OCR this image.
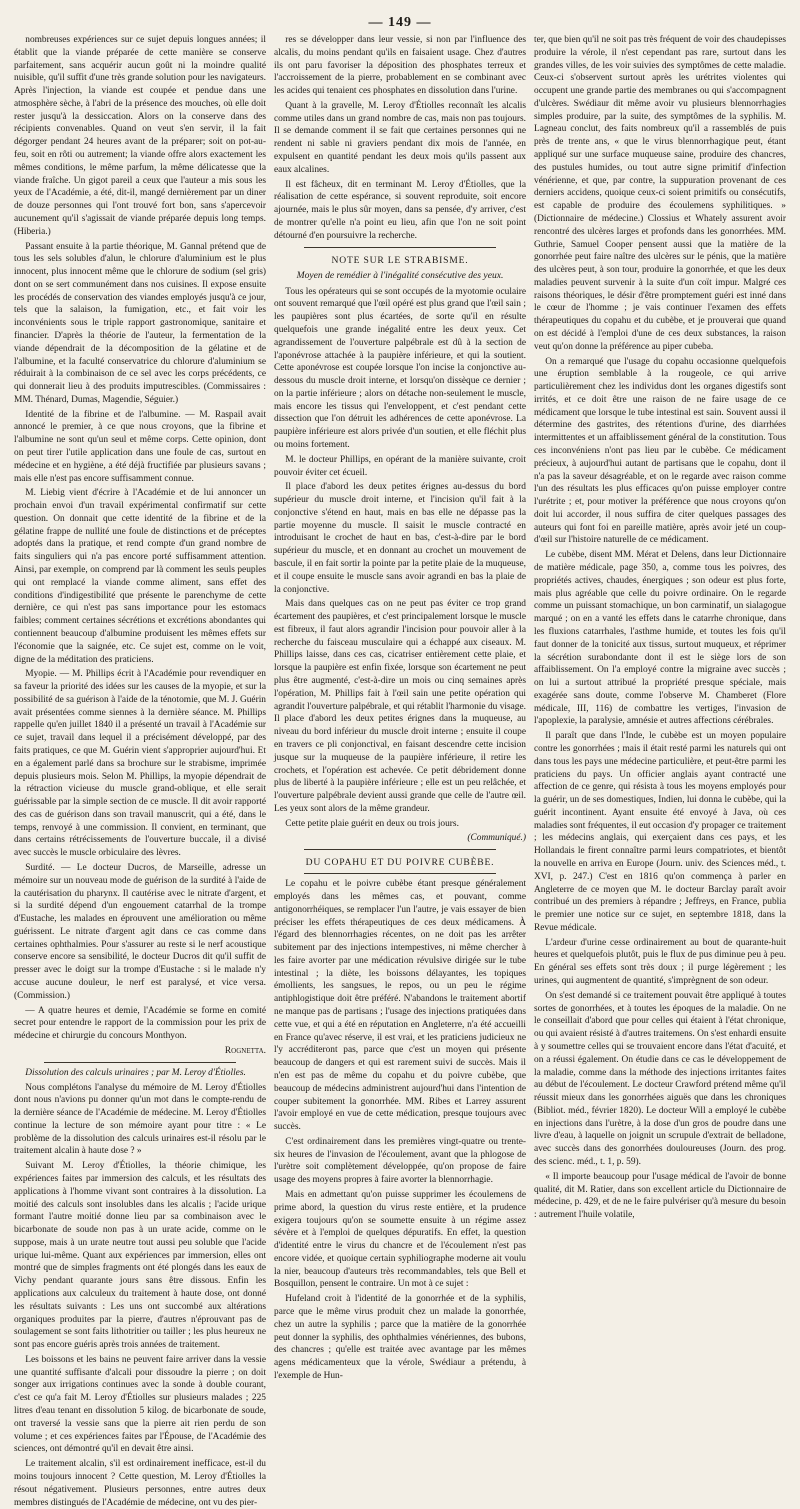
— 149 —

nombreuses expériences sur ce sujet depuis longues années; il établit que la viande préparée de cette manière se conserve parfaitement, sans acquérir aucun goût ni la moindre qualité nuisible, qu'il suffit d'une très grande solution pour les navigateurs. Après l'injection, la viande est coupée et pendue dans une atmosphère sèche, à l'abri de la présence des mouches, où elle doit rester jusqu'à la dessiccation. Alors on la conserve dans des récipients convenables. Quand on veut s'en servir, il la fait dégorger pendant 24 heures avant de la préparer; soit on pot-au-feu, soit en rôti ou autrement; la viande offre alors exactement les mêmes conditions, le même parfum, la même délicatesse que la viande fraîche. Un gigot pareil a ceux que l'auteur a mis sous les yeux de l'Académie, a été, dit-il, mangé dernièrement par un diner de douze personnes qui l'ont trouvé fort bon, sans s'apercevoir aucunement qu'il s'agissait de viande préparée depuis long temps. (Hiberia.)

Passant ensuite à la partie théorique, M. Gannal prétend que de tous les sels solubles d'alun, le chlorure d'aluminium est le plus innocent, plus innocent même que le chlorure de sodium (sel gris) dont on se sert communément dans nos cuisines. Il expose ensuite les procédés de conservation des viandes employés jusqu'à ce jour, tels que la salaison, la fumigation, etc., et fait voir les inconvénients sous le triple rapport gastronomique, sanitaire et financier. D'après la théorie de l'auteur, la fermentation de la viande dépendrait de la décomposition de la gélatine et de l'albumine, et la faculté conservatrice du chlorure d'aluminium se réduirait à la combinaison de ce sel avec les corps précédents, ce qui donnerait lieu à des produits imputrescibles. (Commissaires : MM. Thénard, Dumas, Magendie, Séguier.)

Identité de la fibrine et de l'albumine. — M. Raspail avait annoncé le premier, à ce que nous croyons, que la fibrine et l'albumine ne sont qu'un seul et même corps. Cette opinion, dont on peut tirer l'utile application dans une foule de cas, surtout en médecine et en hygiène, a été déjà fructifiée par plusieurs savans ; mais elle n'est pas encore suffisamment connue.

M. Liebig vient d'écrire à l'Académie et de lui annoncer un prochain envoi d'un travail expérimental confirmatif sur cette question. On donnait que cette identité de la fibrine et de la gélatine frappe de nullité une foule de distinctions et de préceptes adoptés dans la pratique, et rend compte d'un grand nombre de faits singuliers qui n'a pas encore porté suffisamment attention. Ainsi, par exemple, on comprend par là comment les seuls peuples qui ont remplacé la viande comme aliment, sans effet des conditions d'indigestibilité que présente le parenchyme de cette dernière, ce qui n'est pas sans importance pour les estomacs faibles; comment certaines sécrétions et excrétions abondantes qui contiennent beaucoup d'albumine produisent les mêmes effets sur l'économie que la saignée, etc. Ce sujet est, comme on le voit, digne de la méditation des praticiens.

Myopie. — M. Phillips écrit à l'Académie pour revendiquer en sa faveur la priorité des idées sur les causes de la myopie, et sur la possibilité de sa guérison à l'aide de la ténotomie, que M. J. Guérin avait présentées comme siennes à la dernière séance. M. Phillips rappelle qu'en juillet 1840 il a présenté un travail à l'Académie sur ce sujet, travail dans lequel il a précisément développé, par des faits pratiques, ce que M. Guérin vient s'approprier aujourd'hui. Et en a également parlé dans sa brochure sur le strabisme, imprimée depuis plusieurs mois. Selon M. Phillips, la myopie dépendrait de la rétraction vicieuse du muscle grand-oblique, et elle serait guérissable par la simple section de ce muscle. Il dit avoir rapporté des cas de guérison dans son travail manuscrit, qui a été, dans le temps, renvoyé à une commission. Il convient, en terminant, que dans certains rétrécissements de l'ouverture buccale, il a divisé avec succès le muscle orbiculaire des lèvres.

Surdité. — Le docteur Ducros, de Marseille, adresse un mémoire sur un nouveau mode de guérison de la surdité à l'aide de la cautérisation du pharynx. Il cautérise avec le nitrate d'argent, et si la surdité dépend d'un engouement catarrhal de la trompe d'Eustache, les malades en éprouvent une amélioration ou même guérissent. Le nitrate d'argent agit dans ce cas comme dans certaines ophthalmies. Pour s'assurer au reste si le nerf acoustique conserve encore sa sensibilité, le docteur Ducros dit qu'il suffit de presser avec le doigt sur la trompe d'Eustache : si le malade n'y accuse aucune douleur, le nerf est paralysé, et vice versa. (Commission.)

— A quatre heures et demie, l'Académie se forme en comité secret pour entendre le rapport de la commission pour les prix de médecine et chirurgie du concours Monthyon.

Rognetta.

Dissolution des calculs urinaires ; par M. Leroy d'Étiolles.

Nous complétons l'analyse du mémoire de M. Leroy d'Étiolles dont nous n'avions pu donner qu'un mot dans le compte-rendu de la dernière séance de l'Académie de médecine. M. Leroy d'Étiolles continue la lecture de son mémoire ayant pour titre : « Le problème de la dissolution des calculs urinaires est-il résolu par le traitement alcalin à haute dose ? »

Suivant M. Leroy d'Étiolles, la théorie chimique, les expériences faites par immersion des calculs, et les résultats des applications à l'homme vivant sont contraires à la dissolution. La moitié des calculs sont insolubles dans les alcalis ; l'acide urique formant l'autre moitié donne lieu par sa combinaison avec le bicarbonate de soude non pas à un urate acide, comme on le suppose, mais à un urate neutre tout aussi peu soluble que l'acide urique lui-même. Quant aux expériences par immersion, elles ont montré que de simples fragments ont été plongés dans les eaux de Vichy pendant quarante jours sans être dissous. Enfin les applications aux calculeux du traitement à haute dose, ont donné les résultats suivants : Les uns ont succombé aux altérations organiques produites par la pierre, d'autres n'éprouvant pas de soulagement se sont faits lithotritier ou tailler ; les plus heureux ne sont pas encore guéris après trois années de traitement.

Les boissons et les bains ne peuvent faire arriver dans la vessie une quantité suffisante d'alcali pour dissoudre la pierre ; on doit songer aux irrigations continues avec la sonde à double courant, c'est ce qu'a fait M. Leroy d'Étiolles sur plusieurs malades ; 225 litres d'eau tenant en dissolution 5 kilog. de bicarbonate de soude, ont traversé la vessie sans que la pierre ait rien perdu de son volume ; et ces expériences faites par l'Épouse, de l'Académie des sciences, ont démontré qu'il en devait être ainsi.

Le traitement alcalin, s'il est ordinairement inefficace, est-il du moins toujours innocent ? Cette question, M. Leroy d'Étiolles la résout négativement. Plusieurs personnes, entre autres deux membres distingués de l'Académie de médecine, ont vu des pier-

res se développer dans leur vessie, si non par l'influence des alcalis, du moins pendant qu'ils en faisaient usage. Chez d'autres ils ont paru favoriser la déposition des phosphates terreux et l'accroissement de la pierre, probablement en se combinant avec les acides qui tenaient ces phosphates en dissolution dans l'urine.

Quant à la gravelle, M. Leroy d'Étiolles reconnaît les alcalis comme utiles dans un grand nombre de cas, mais non pas toujours. Il se demande comment il se fait que certaines personnes qui ne rendent ni sable ni graviers pendant dix mois de l'année, en expulsent en quantité pendant les deux mois qu'ils passent aux eaux alcalines.

Il est fâcheux, dit en terminant M. Leroy d'Étiolles, que la réalisation de cette espérance, si souvent reproduite, soit encore ajournée, mais le plus sûr moyen, dans sa pensée, d'y arriver, c'est de montrer qu'elle n'a point eu lieu, afin que l'on ne soit point détourné d'en poursuivre la recherche.

NOTE SUR LE STRABISME.
Moyen de remédier à l'inégalité consécutive des yeux.

Tous les opérateurs qui se sont occupés de la myotomie oculaire ont souvent remarqué que l'œil opéré est plus grand que l'œil sain ; les paupières sont plus écartées, de sorte qu'il en résulte quelquefois une grande inégalité entre les deux yeux. Cet agrandissement de l'ouverture palpébrale est dû à la section de l'aponévrose attachée à la paupière inférieure, et qui la soutient. Cette aponévrose est coupée lorsque l'on incise la conjonctive au-dessous du muscle droit interne, et lorsqu'on dissèque ce dernier ; on la partie inférieure ; alors on détache non-seulement le muscle, mais encore les tissus qui l'enveloppent, et c'est pendant cette dissection que l'on détruit les adhérences de cette aponévrose. La paupière inférieure est alors privée d'un soutien, et elle fléchit plus ou moins fortement.

M. le docteur Phillips, en opérant de la manière suivante, croit pouvoir éviter cet écueil.

Il place d'abord les deux petites érignes au-dessus du bord supérieur du muscle droit interne, et l'incision qu'il fait à la conjonctive s'étend en haut, mais en bas elle ne dépasse pas la partie moyenne du muscle. Il saisit le muscle contracté en introduisant le crochet de haut en bas, c'est-à-dire par le bord supérieur du muscle, et en donnant au crochet un mouvement de bascule, il en fait sortir la pointe par la petite plaie de la muqueuse, et il coupe ensuite le muscle sans avoir agrandi en bas la plaie de la conjonctive.

Mais dans quelques cas on ne peut pas éviter ce trop grand écartement des paupières, et c'est principalement lorsque le muscle est fibreux, il faut alors agrandir l'incision pour pouvoir aller à la recherche du faisceau musculaire qui a échappé aux ciseaux. M. Phillips laisse, dans ces cas, cicatriser entièrement cette plaie, et lorsque la paupière est enfin fixée, lorsque son écartement ne peut plus être augmenté, c'est-à-dire un mois ou cinq semaines après l'opération, M. Phillips fait à l'œil sain une petite opération qui agrandit l'ouverture palpébrale, et qui rétablit l'harmonie du visage. Il place d'abord les deux petites érignes dans la muqueuse, au niveau du bord inférieur du muscle droit interne ; ensuite il coupe en travers ce pli conjonctival, en faisant descendre cette incision jusque sur la muqueuse de la paupière inférieure, il retire les crochets, et l'opération est achevée. Ce petit débridement donne plus de liberté à la paupière inférieure ; elle est un peu relâchée, et l'ouverture palpébrale devient aussi grande que celle de l'autre œil. Les yeux sont alors de la même grandeur.

Cette petite plaie guérit en deux ou trois jours.

(Communiqué.)
DU COPAHU ET DU POIVRE CUBÈBE.

Le copahu et le poivre cubèbe étant presque généralement employés dans les mêmes cas, et pouvant, comme antigonorrhéiques, se remplacer l'un l'autre, je vais essayer de bien préciser les effets thérapeutiques de ces deux médicamens. À l'égard des blennorrhagies récentes, on ne doit pas les arrêter subitement par des injections intempestives, ni même chercher à les faire avorter par une médication révulsive dirigée sur le tube intestinal ; la diète, les boissons délayantes, les topiques émollients, les sangsues, le repos, ou un peu le régime antiphlogistique doit être préféré. N'abandons le traitement abortif ne manque pas de partisans ; l'usage des injections pratiquées dans cette vue, et qui a été en réputation en Angleterre, n'a été accueilli en France qu'avec réserve, il est vrai, et les praticiens judicieux ne l'y accréditeront pas, parce que c'est un moyen qui présente beaucoup de dangers et qui est rarement suivi de succès. Mais il n'en est pas de même du copahu et du poivre cubèbe, que beaucoup de médecins administrent aujourd'hui dans l'intention de couper subitement la gonorrhée. MM. Ribes et Larrey assurent l'avoir employé en vue de cette médication, presque toujours avec succès.

C'est ordinairement dans les premières vingt-quatre ou trente-six heures de l'invasion de l'écoulement, avant que la phlogose de l'urètre soit complètement développée, qu'on propose de faire usage des moyens propres à faire avorter la blennorrhagie.

Mais en admettant qu'on puisse supprimer les écoulemens de prime abord, la question du virus reste entière, et la prudence exigera toujours qu'on se soumette ensuite à un régime assez sévère et à l'emploi de quelques dépuratifs. En effet, la question d'identité entre le virus du chancre et de l'écoulement n'est pas encore vidée, et quoique certain syphiliographe moderne ait voulu la nier, beaucoup d'auteurs très recommandables, tels que Bell et Bosquillon, pensent le contraire. Un mot à ce sujet :

Hufeland croit à l'identité de la gonorrhée et de la syphilis, parce que le même virus produit chez un malade la gonorrhée, chez un autre la syphilis ; parce que la matière de la gonorrhée peut donner la syphilis, des ophthalmies vénériennes, des bubons, des chancres ; qu'elle est traitée avec avantage par les mêmes agens médicamenteux que la vérole, Swédiaur a prétendu, à l'exemple de Hun-

ter, que bien qu'il ne soit pas très fréquent de voir des chaudepisses produire la vérole, il n'est cependant pas rare, surtout dans les grandes villes, de les voir suivies des symptômes de cette maladie. Ceux-ci s'observent surtout après les urétrites violentes qui occupent une grande partie des membranes ou qui s'accompagnent d'ulcères. Swédiaur dit même avoir vu plusieurs blennorrhagies simples produire, par la suite, des symptômes de la syphilis. M. Lagneau conclut, des faits nombreux qu'il a rassemblés de puis près de trente ans, « que le virus blennorrhagique peut, étant appliqué sur une surface muqueuse saine, produire des chancres, des pustules humides, ou tout autre signe primitif d'infection vénérienne, et que, par contre, la suppuration provenant de ces derniers accidens, quoique ceux-ci soient primitifs ou consécutifs, est capable de produire des écoulemens syphilitiques. » (Dictionnaire de médecine.) Clossius et Whately assurent avoir rencontré des ulcères larges et profonds dans les gonorrhées. MM. Guthrie, Samuel Cooper pensent aussi que la matière de la gonorrhée peut faire naître des ulcères sur le pénis, que la matière des ulcères peut, à son tour, produire la gonorrhée, et que les deux maladies peuvent survenir à la suite d'un coït impur. Malgré ces raisons théoriques, le désir d'être promptement guéri est inné dans le cœur de l'homme ; je vais continuer l'examen des effets thérapeutiques du copahu et du cubèbe, et je prouverai que quand on est décidé à l'emploi d'une de ces deux substances, la raison veut qu'on donne la préférence au piper cubeba.

On a remarqué que l'usage du copahu occasionne quelquefois une éruption semblable à la rougeole, ce qui arrive particulièrement chez les individus dont les organes digestifs sont irrités, et ce doit être une raison de ne faire usage de ce médicament que lorsque le tube intestinal est sain. Souvent aussi il détermine des gastrites, des rétentions d'urine, des diarrhées intermittentes et un affaiblissement général de la constitution. Tous ces inconvéniens n'ont pas lieu par le cubèbe. Ce médicament précieux, à aujourd'hui autant de partisans que le copahu, dont il n'a pas la saveur désagréable, et on le regarde avec raison comme l'un des résultats les plus efficaces qu'on puisse employer contre l'urétrite ; et, pour motiver la préférence que nous croyons qu'on doit lui accorder, il nous suffira de citer quelques passages des auteurs qui font foi en pareille matière, après avoir jeté un coup-d'œil sur l'histoire naturelle de ce médicament.

Le cubèbe, disent MM. Mérat et Delens, dans leur Dictionnaire de matière médicale, page 350, a, comme tous les poivres, des propriétés actives, chaudes, énergiques ; son odeur est plus forte, mais plus agréable que celle du poivre ordinaire. On le regarde comme un puissant stomachique, un bon carminatif, un sialagogue marqué ; on en a vanté les effets dans le catarrhe chronique, dans les fluxions catarrhales, l'asthme humide, et toutes les fois qu'il faut donner de la tonicité aux tissus, surtout muqueux, et réprimer la sécrétion surabondante dont il est le siège lors de son affaiblissement. On l'a employé contre la migraine avec succès ; on lui a surtout attribué la propriété presque spéciale, mais exagérée sans doute, comme l'observe M. Chamberet (Flore médicale, III, 116) de combattre les vertiges, l'invasion de l'apoplexie, la paralysie, amnésie et autres affections cérébrales.

Il paraît que dans l'Inde, le cubèbe est un moyen populaire contre les gonorrhées ; mais il était resté parmi les naturels qui ont dans tous les pays une médecine particulière, et peut-être parmi les praticiens du pays. Un officier anglais ayant contracté une affection de ce genre, qui résista à tous les moyens employés pour la guérir, un de ses domestiques, Indien, lui donna le cubèbe, qui la guérit incontinent. Ayant ensuite été envoyé à Java, où ces maladies sont fréquentes, il eut occasion d'y propager ce traitement ; les médecins anglais, qui exerçaient dans ces pays, et les Hollandais le firent connaître parmi leurs compatriotes, et bientôt la nouvelle en arriva en Europe (Journ. univ. des Sciences méd., t. XVI, p. 247.) C'est en 1816 qu'on commença à parler en Angleterre de ce moyen que M. le docteur Barclay paraît avoir contribué un des premiers à répandre ; Jeffreys, en France, publia le premier une notice sur ce sujet, en septembre 1818, dans la Revue médicale.

L'ardeur d'urine cesse ordinairement au bout de quarante-huit heures et quelquefois plutôt, puis le flux de pus diminue peu à peu. En général ses effets sont très doux ; il purge légèrement ; les urines, qui augmentent de quantité, s'imprègnent de son odeur.

On s'est demandé si ce traitement pouvait être appliqué à toutes sortes de gonorrhées, et à toutes les époques de la maladie. On ne le conseillait d'abord que pour celles qui étaient à l'état chronique, ou qui avaient résisté à d'autres traitemens. On s'est enhardi ensuite à y soumettre celles qui se trouvaient encore dans l'état d'acuité, et on a réussi également. On étudie dans ce cas le développement de la maladie, comme dans la méthode des injections irritantes faites au début de l'écoulement. Le docteur Crawford prétend même qu'il réussit mieux dans les gonorrhées aiguës que dans les chroniques (Bibliot. méd., février 1820). Le docteur Will a employé le cubèbe en injections dans l'urètre, à la dose d'un gros de poudre dans une livre d'eau, à laquelle on joignit un scrupule d'extrait de belladone, avec succès dans des gonorrhées douloureuses (Journ. des prog. des scienc. méd., t. 1, p. 59).

« Il importe beaucoup pour l'usage médical de l'avoir de bonne qualité, dit M. Ratier, dans son excellent article du Dictionnaire de médecine, p. 429, et de ne le faire pulvériser qu'à mesure du besoin : autrement l'huile volatile,
